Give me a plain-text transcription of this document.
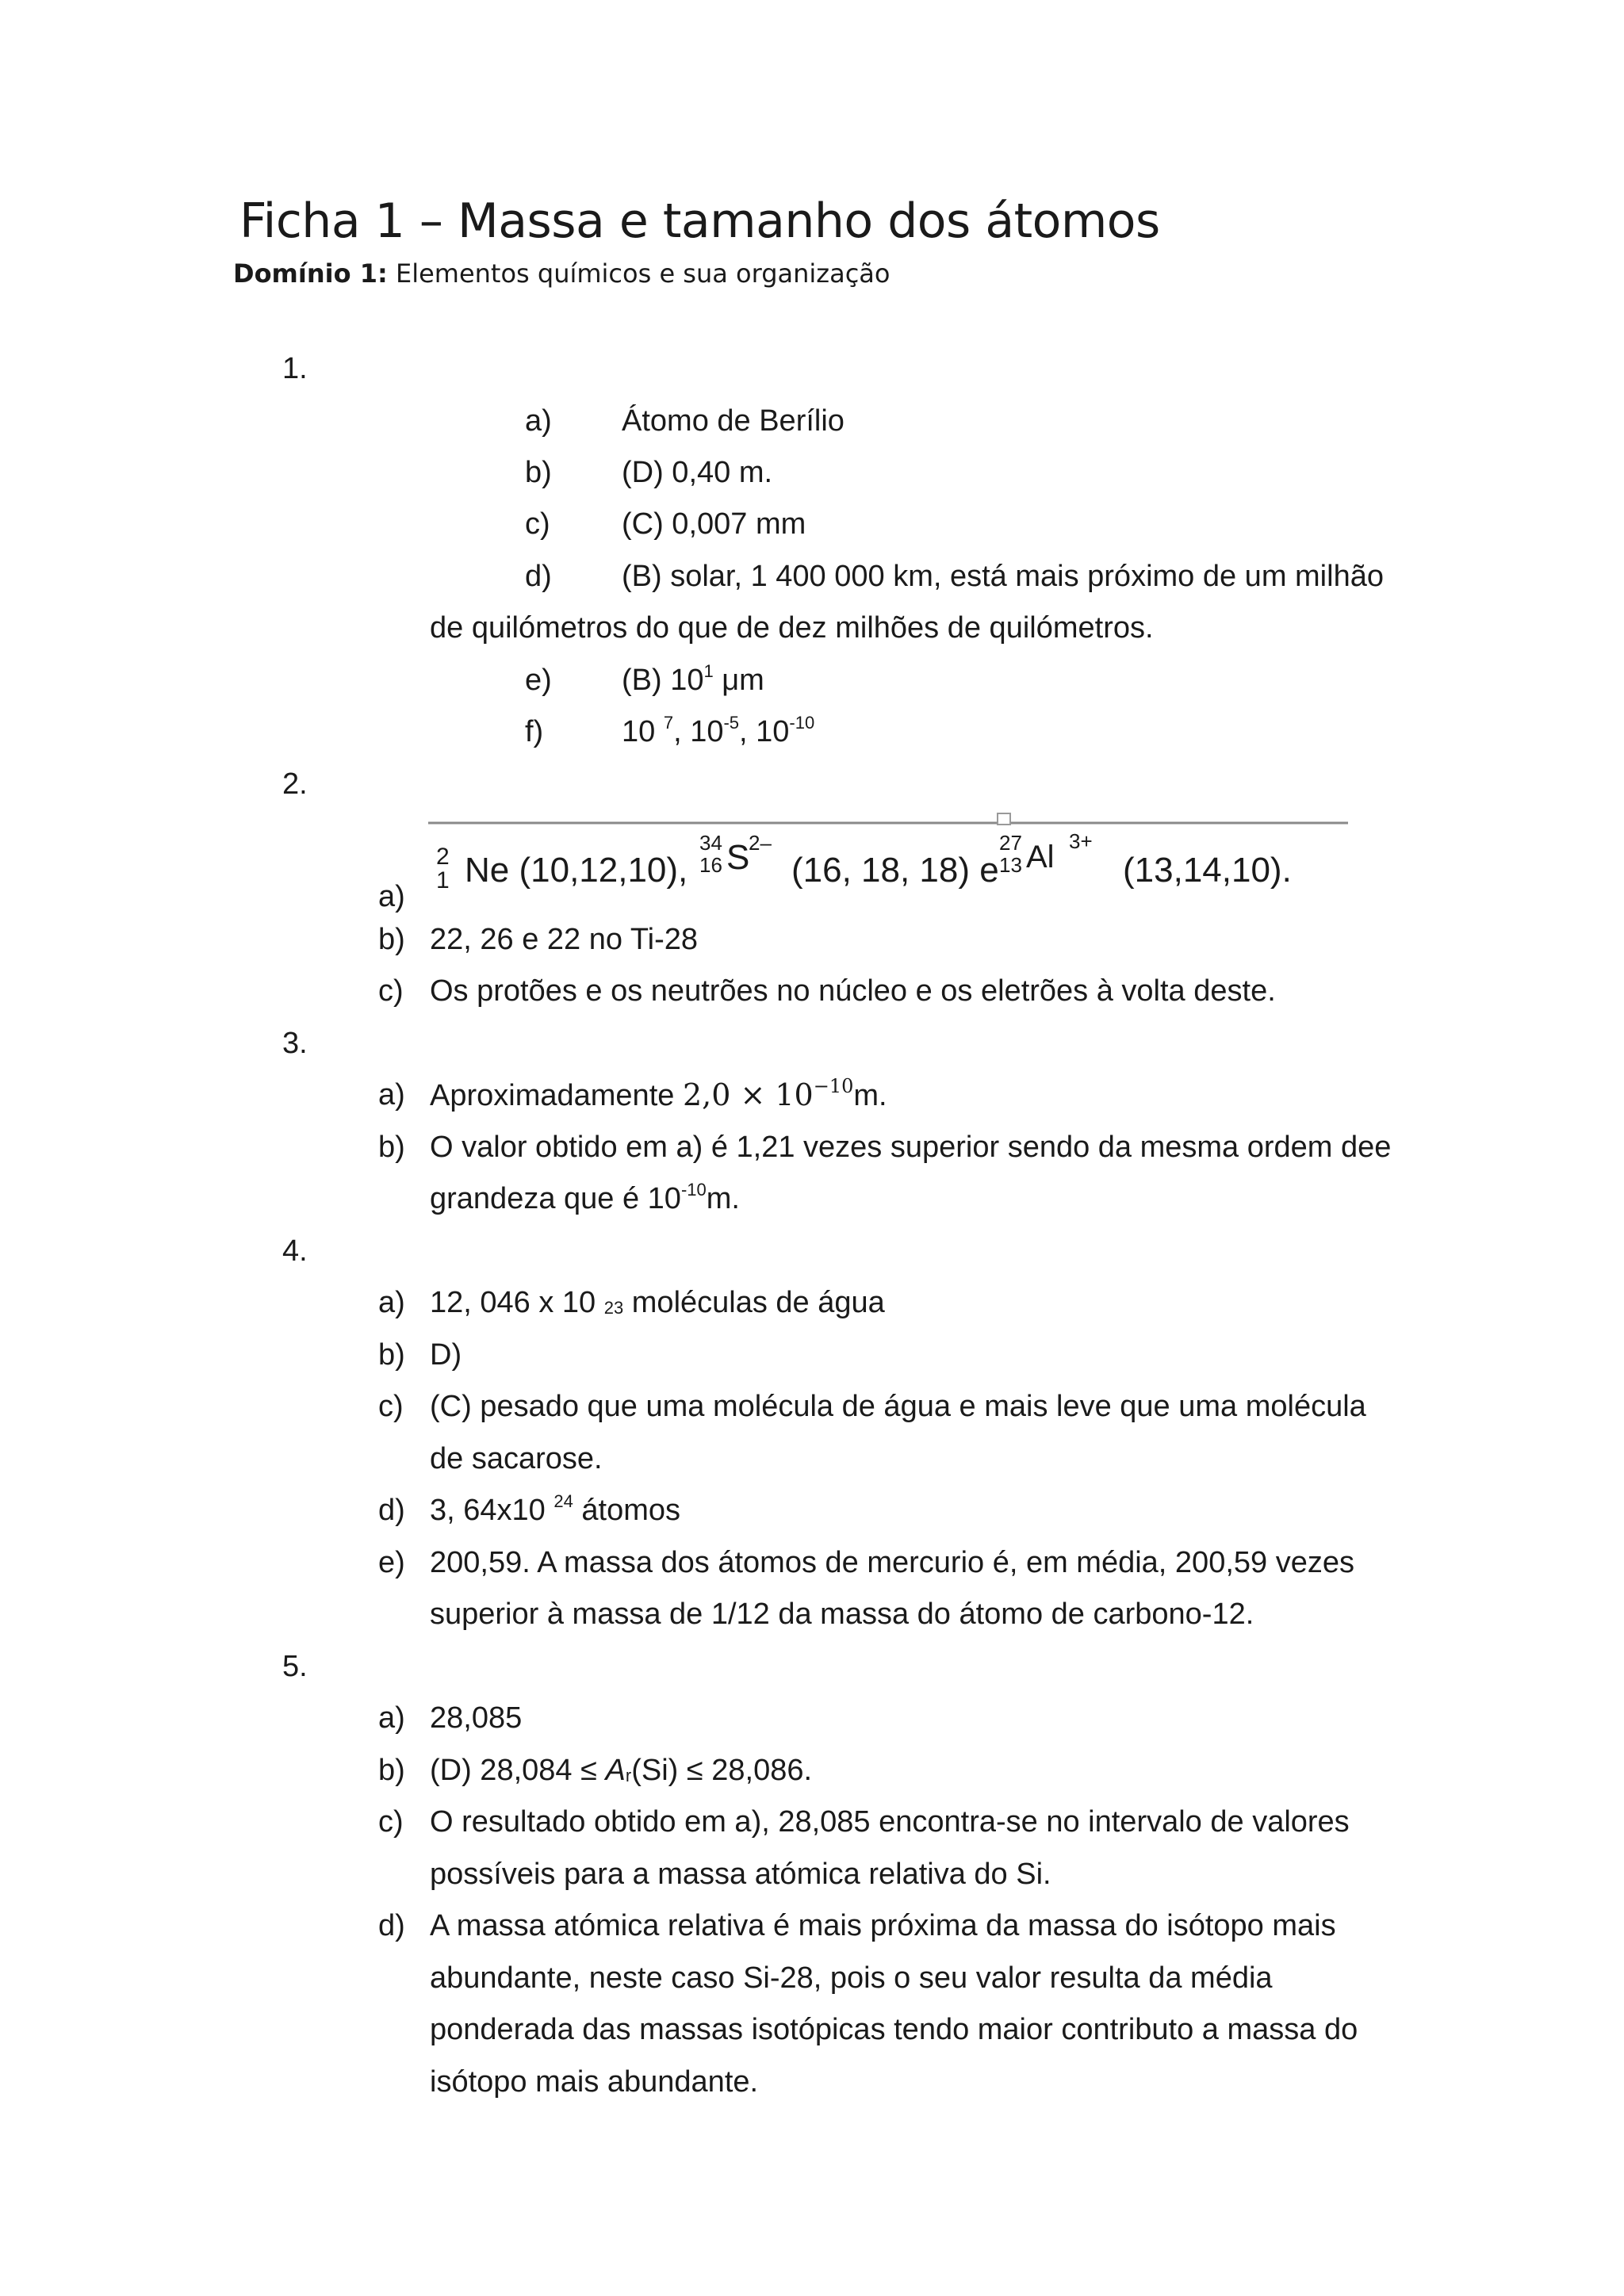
Ficha 1 – Massa e tamanho dos átomos
Domínio 1: Elementos químicos e sua organização
1.
a) Átomo de Berílio
b) (D) 0,40 m.
c) (C) 0,007 mm
d) (B) solar, 1 400 000 km, está mais próximo de um milhão
de quilómetros do que de dez milhões de quilómetros.
e) (B) $10^1$ μm
f)	10 $^7$, $10^{-5}$, $10^{-10}$
2.
a)
2
1 Ne (10,12,10),
34
16 S
2–
(16, 18, 18) e
27
13 Al 3+
(13,14,10).
b) 22, 26 e 22 no Ti-28
c) Os protões e os neutrões no núcleo e os eletrões à volta deste.
3.
a) Aproximadamente $2,0 \times 10^{-10}m$.
b) O valor obtido em a) é 1,21 vezes superior sendo da mesma ordem dee
grandeza que é $10^{-10}m$.
4.
a) 12, 046 x 10 $_{23}$ moléculas de água
b) D)
c) (C) pesado que uma molécula de água e mais leve que uma molécula
de sacarose.
d) 3, 64x10 $^{24}$ átomos
e) 200,59. A massa dos átomos de mercurio é, em média, 200,59 vezes
superior à massa de 1/12 da massa do átomo de carbono-12.
5.
a) 28,085
b) (D) $28,084 \le A_r(Si) \le 28,086$.
c) O resultado obtido em a), 28,085 encontra-se no intervalo de valores
possíveis para a massa atómica relativa do Si.
d) A massa atómica relativa é mais próxima da massa do isótopo mais
abundante, neste caso Si-28, pois o seu valor resulta da média
ponderada das massas isotópicas tendo maior contributo a massa do
isótopo mais abundante.
